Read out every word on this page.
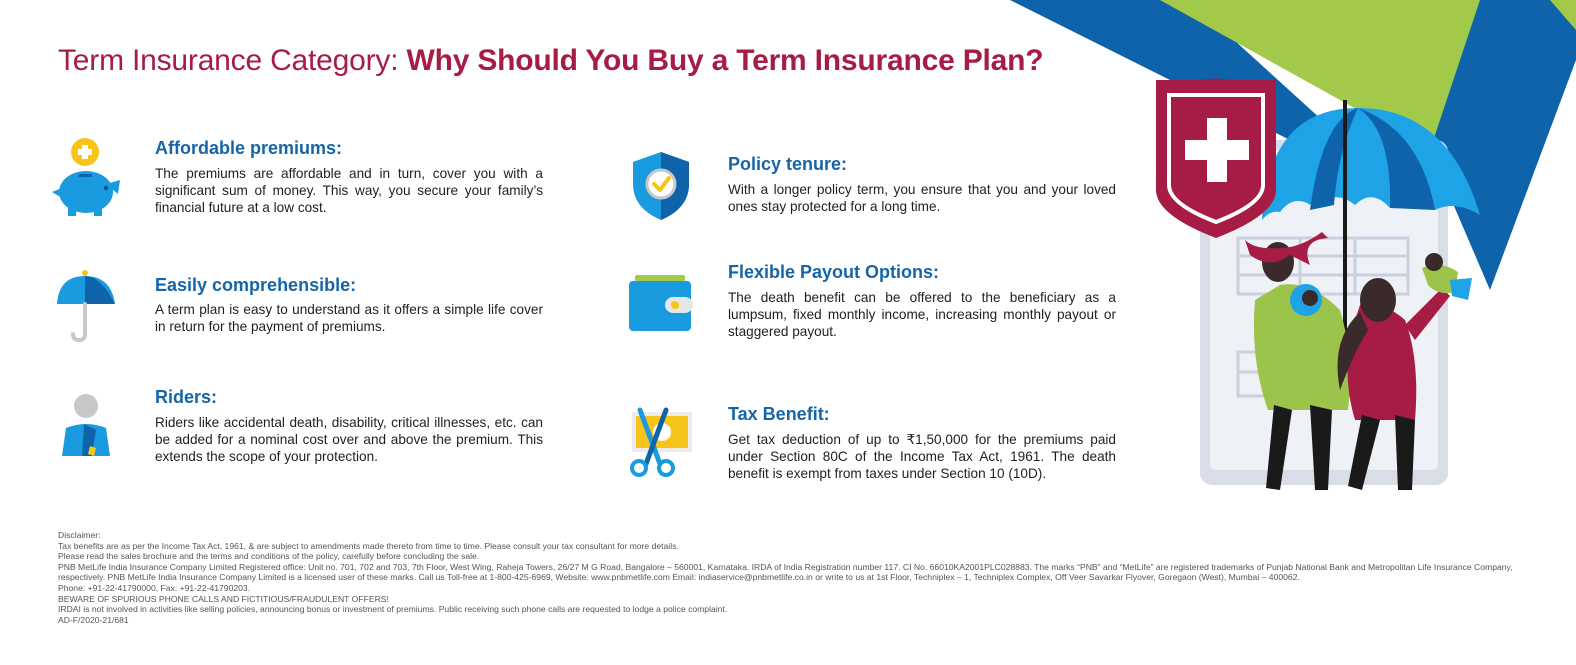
Term Insurance Category: Why Should You Buy a Term Insurance Plan?
Affordable premiums:

The premiums are affordable and in turn, cover you with a significant sum of money. This way, you secure your family’s financial future at a low cost.

Easily comprehensible:

A term plan is easy to understand as it offers a simple life cover in return for the payment of premiums.

Riders:

Riders like accidental death, disability, critical illnesses, etc. can be added for a nominal cost over and above the premium. This extends the scope of your protection.

Policy tenure:

With a longer policy term, you ensure that you and your loved ones stay protected for a long time.

Flexible Payout Options:

The death benefit can be offered to the beneficiary as a lumpsum, fixed monthly income, increasing monthly payout or staggered payout.

Tax Benefit:

Get tax deduction of up to ₹1,50,000 for the premiums paid under Section 80C of the Income Tax Act, 1961. The death benefit is exempt from taxes under Section 10 (10D).

Disclaimer:
Tax benefits are as per the Income Tax Act, 1961, & are subject to amendments made thereto from time to time. Please consult your tax consultant for more details.
Please read the sales brochure and the terms and conditions of the policy, carefully before concluding the sale.
PNB MetLife India Insurance Company Limited Registered office: Unit no. 701, 702 and 703, 7th Floor, West Wing, Raheja Towers, 26/27 M G Road, Bangalore – 560001, Karnataka. IRDA of India Registration number 117. CI No. 66010KA2001PLC028883. The marks “PNB” and “MetLife” are registered trademarks of Punjab National Bank and Metropolitan Life Insurance Company, respectively. PNB MetLife India Insurance Company Limited is a licensed user of these marks. Call us Toll-free at 1-800-425-6969, Website: www.pnbmetlife.com Email: indiaservice@pnbmetlife.co.in or write to us at 1st Floor, Techniplex – 1, Techniplex Complex, Off Veer Savarkar Flyover, Goregaon (West), Mumbai – 400062.
Phone: +91-22-41790000, Fax: +91-22-41790203.
BEWARE OF SPURIOUS PHONE CALLS AND FICTITIOUS/FRAUDULENT OFFERS!
IRDAI is not involved in activities like selling policies, announcing bonus or investment of premiums. Public receiving such phone calls are requested to lodge a police complaint.
AD-F/2020-21/681
